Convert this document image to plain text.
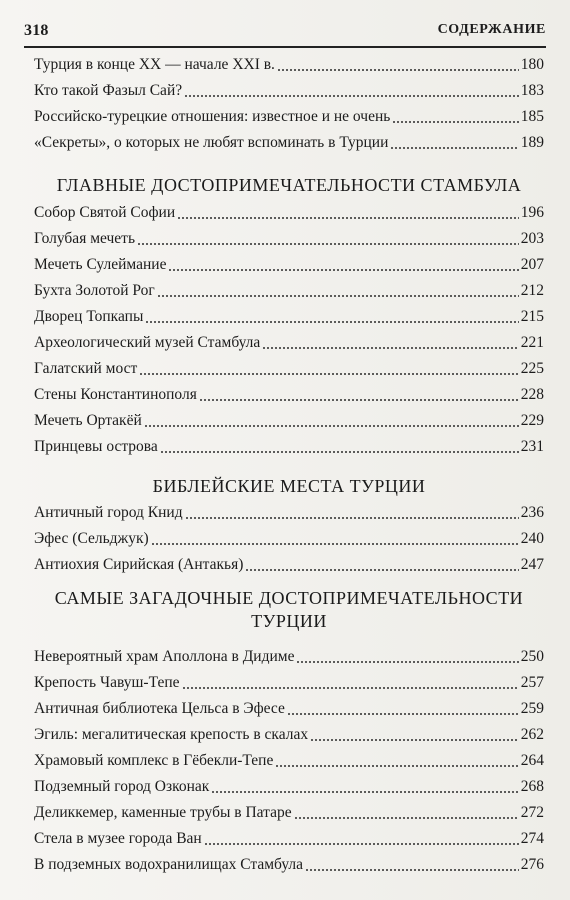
318	СОДЕРЖАНИЕ
Турция в конце XX — начале XXI в.	180
Кто такой Фазыл Сай?	183
Российско-турецкие отношения: известное и не очень	185
«Секреты», о которых не любят вспоминать в Турции	189
ГЛАВНЫЕ ДОСТОПРИМЕЧАТЕЛЬНОСТИ СТАМБУЛА
Собор Святой Софии	196
Голубая мечеть	203
Мечеть Сулеймание	207
Бухта Золотой Рог	212
Дворец Топкапы	215
Археологический музей Стамбула	221
Галатский мост	225
Стены Константинополя	228
Мечеть Ортакёй	229
Принцевы острова	231
БИБЛЕЙСКИЕ МЕСТА ТУРЦИИ
Античный город Книд	236
Эфес (Сельджук)	240
Антиохия Сирийская (Антакья)	247
САМЫЕ ЗАГАДОЧНЫЕ ДОСТОПРИМЕЧАТЕЛЬНОСТИ
ТУРЦИИ
Невероятный храм Аполлона в Дидиме	250
Крепость Чавуш-Тепе	257
Античная библиотека Цельса в Эфесе	259
Эгиль: мегалитическая крепость в скалах	262
Храмовый комплекс в Гёбекли-Тепе	264
Подземный город Озконак	268
Деликкемер, каменные трубы в Патаре	272
Стела в музее города Ван	274
В подземных водохранилищах Стамбула	276
